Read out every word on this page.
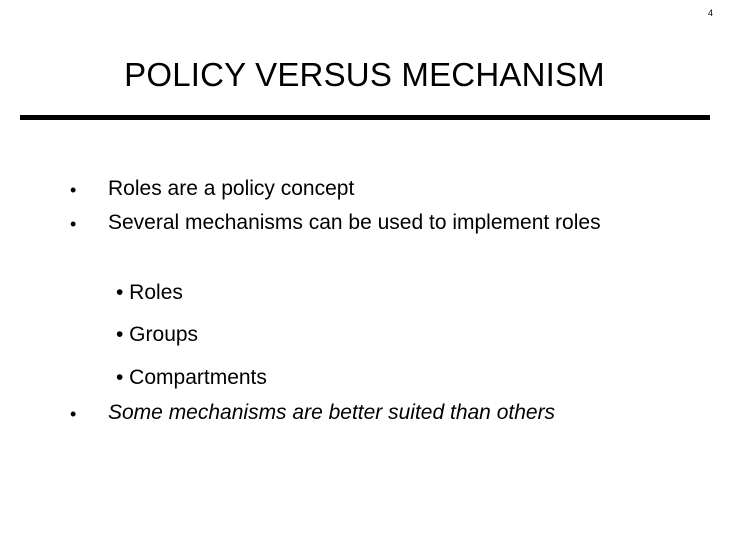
4
POLICY VERSUS MECHANISM
• Roles are a policy concept
• Several mechanisms can be used to implement roles
• Roles
• Groups
• Compartments
• Some mechanisms are better suited than others
